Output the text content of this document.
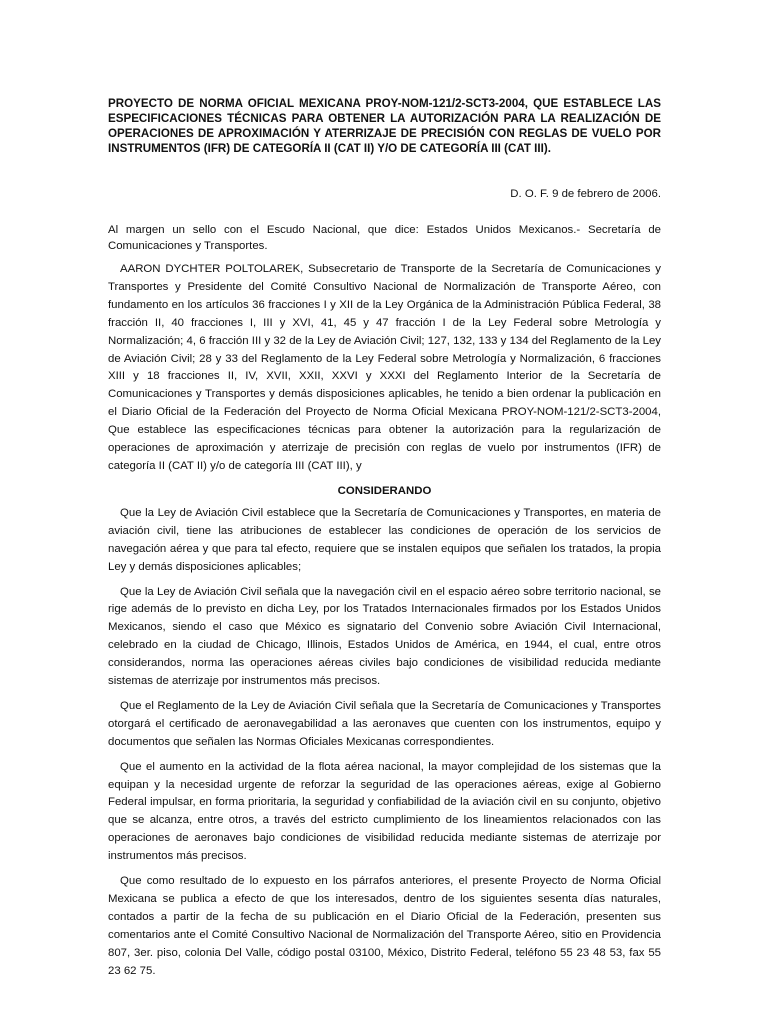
PROYECTO DE NORMA OFICIAL MEXICANA PROY-NOM-121/2-SCT3-2004, QUE ESTABLECE LAS ESPECIFICACIONES TÉCNICAS PARA OBTENER LA AUTORIZACIÓN PARA LA REALIZACIÓN DE OPERACIONES DE APROXIMACIÓN Y ATERRIZAJE DE PRECISIÓN CON REGLAS DE VUELO POR INSTRUMENTOS (IFR) DE CATEGORÍA II (CAT II) Y/O DE CATEGORÍA III (CAT III).

D. O. F. 9 de febrero de 2006.

Al margen un sello con el Escudo Nacional, que dice: Estados Unidos Mexicanos.- Secretaría de Comunicaciones y Transportes.

AARON DYCHTER POLTOLAREK, Subsecretario de Transporte de la Secretaría de Comunicaciones y Transportes y Presidente del Comité Consultivo Nacional de Normalización de Transporte Aéreo, con fundamento en los artículos 36 fracciones I y XII de la Ley Orgánica de la Administración Pública Federal, 38 fracción II, 40 fracciones I, III y XVI, 41, 45 y 47 fracción I de la Ley Federal sobre Metrología y Normalización; 4, 6 fracción III y 32 de la Ley de Aviación Civil; 127, 132, 133 y 134 del Reglamento de la Ley de Aviación Civil; 28 y 33 del Reglamento de la Ley Federal sobre Metrología y Normalización, 6 fracciones XIII y 18 fracciones II, IV, XVII, XXII, XXVI y XXXI del Reglamento Interior de la Secretaría de Comunicaciones y Transportes y demás disposiciones aplicables, he tenido a bien ordenar la publicación en el Diario Oficial de la Federación del Proyecto de Norma Oficial Mexicana PROY-NOM-121/2-SCT3-2004, Que establece las especificaciones técnicas para obtener la autorización para la regularización de operaciones de aproximación y aterrizaje de precisión con reglas de vuelo por instrumentos (IFR) de categoría II (CAT II) y/o de categoría III (CAT III), y

CONSIDERANDO

Que la Ley de Aviación Civil establece que la Secretaría de Comunicaciones y Transportes, en materia de aviación civil, tiene las atribuciones de establecer las condiciones de operación de los servicios de navegación aérea y que para tal efecto, requiere que se instalen equipos que señalen los tratados, la propia Ley y demás disposiciones aplicables;

Que la Ley de Aviación Civil señala que la navegación civil en el espacio aéreo sobre territorio nacional, se rige además de lo previsto en dicha Ley, por los Tratados Internacionales firmados por los Estados Unidos Mexicanos, siendo el caso que México es signatario del Convenio sobre Aviación Civil Internacional, celebrado en la ciudad de Chicago, Illinois, Estados Unidos de América, en 1944, el cual, entre otros considerandos, norma las operaciones aéreas civiles bajo condiciones de visibilidad reducida mediante sistemas de aterrizaje por instrumentos más precisos.

Que el Reglamento de la Ley de Aviación Civil señala que la Secretaría de Comunicaciones y Transportes otorgará el certificado de aeronavegabilidad a las aeronaves que cuenten con los instrumentos, equipo y documentos que señalen las Normas Oficiales Mexicanas correspondientes.

Que el aumento en la actividad de la flota aérea nacional, la mayor complejidad de los sistemas que la equipan y la necesidad urgente de reforzar la seguridad de las operaciones aéreas, exige al Gobierno Federal impulsar, en forma prioritaria, la seguridad y confiabilidad de la aviación civil en su conjunto, objetivo que se alcanza, entre otros, a través del estricto cumplimiento de los lineamientos relacionados con las operaciones de aeronaves bajo condiciones de visibilidad reducida mediante sistemas de aterrizaje por instrumentos más precisos.

Que como resultado de lo expuesto en los párrafos anteriores, el presente Proyecto de Norma Oficial Mexicana se publica a efecto de que los interesados, dentro de los siguientes sesenta días naturales, contados a partir de la fecha de su publicación en el Diario Oficial de la Federación, presenten sus comentarios ante el Comité Consultivo Nacional de Normalización del Transporte Aéreo, sitio en Providencia 807, 3er. piso, colonia Del Valle, código postal 03100, México, Distrito Federal, teléfono 55 23 48 53, fax 55 23 62 75.
